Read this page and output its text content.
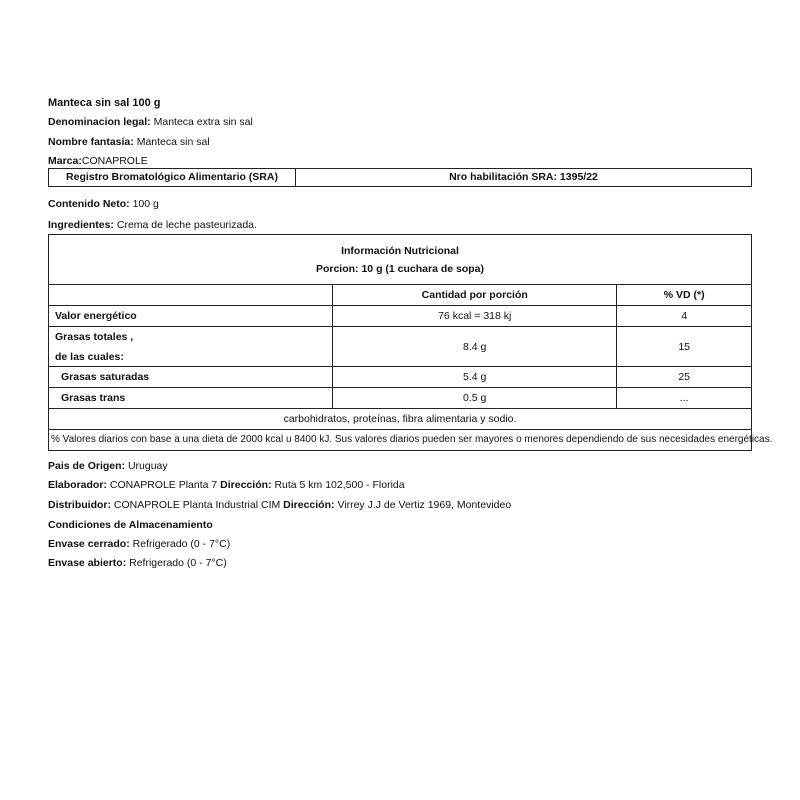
Manteca sin sal 100 g
Denominacion legal: Manteca extra sin sal
Nombre fantasía: Manteca sin sal
Marca:CONAPROLE
Registro Bromatológico Alimentario (SRA)	Nro habilitación SRA: 1395/22
Contenido Neto: 100 g
Ingredientes: Crema de leche pasteurizada.
Información Nutricional
Porcion: 10 g (1 cuchara de sopa)		

	Cantidad por porción	% VD (*)
Valor energético	76 kcal = 318 kj	4

Grasas totales ,
de las cuales:	8.4 g	15
Grasas saturadas	5.4 g	25
Grasas trans	0.5 g	...
carbohidratos, proteínas, fibra alimentaria y sodio.		
% Valores diarios con base a una dieta de 2000 kcal u 8400 kJ. Sus valores diarios pueden ser mayores o menores dependiendo de sus necesidades energéticas.		
Pais de Origen: Uruguay
Elaborador: CONAPROLE Planta 7 Dirección: Ruta 5 km 102,500 - Florida
Distribuidor: CONAPROLE Planta Industrial CIM Dirección: Virrey J.J de Vertiz 1969, Montevideo
Condiciones de Almacenamiento
Envase cerrado: Refrigerado (0 - 7°C)
Envase abierto: Refrigerado (0 - 7°C)
